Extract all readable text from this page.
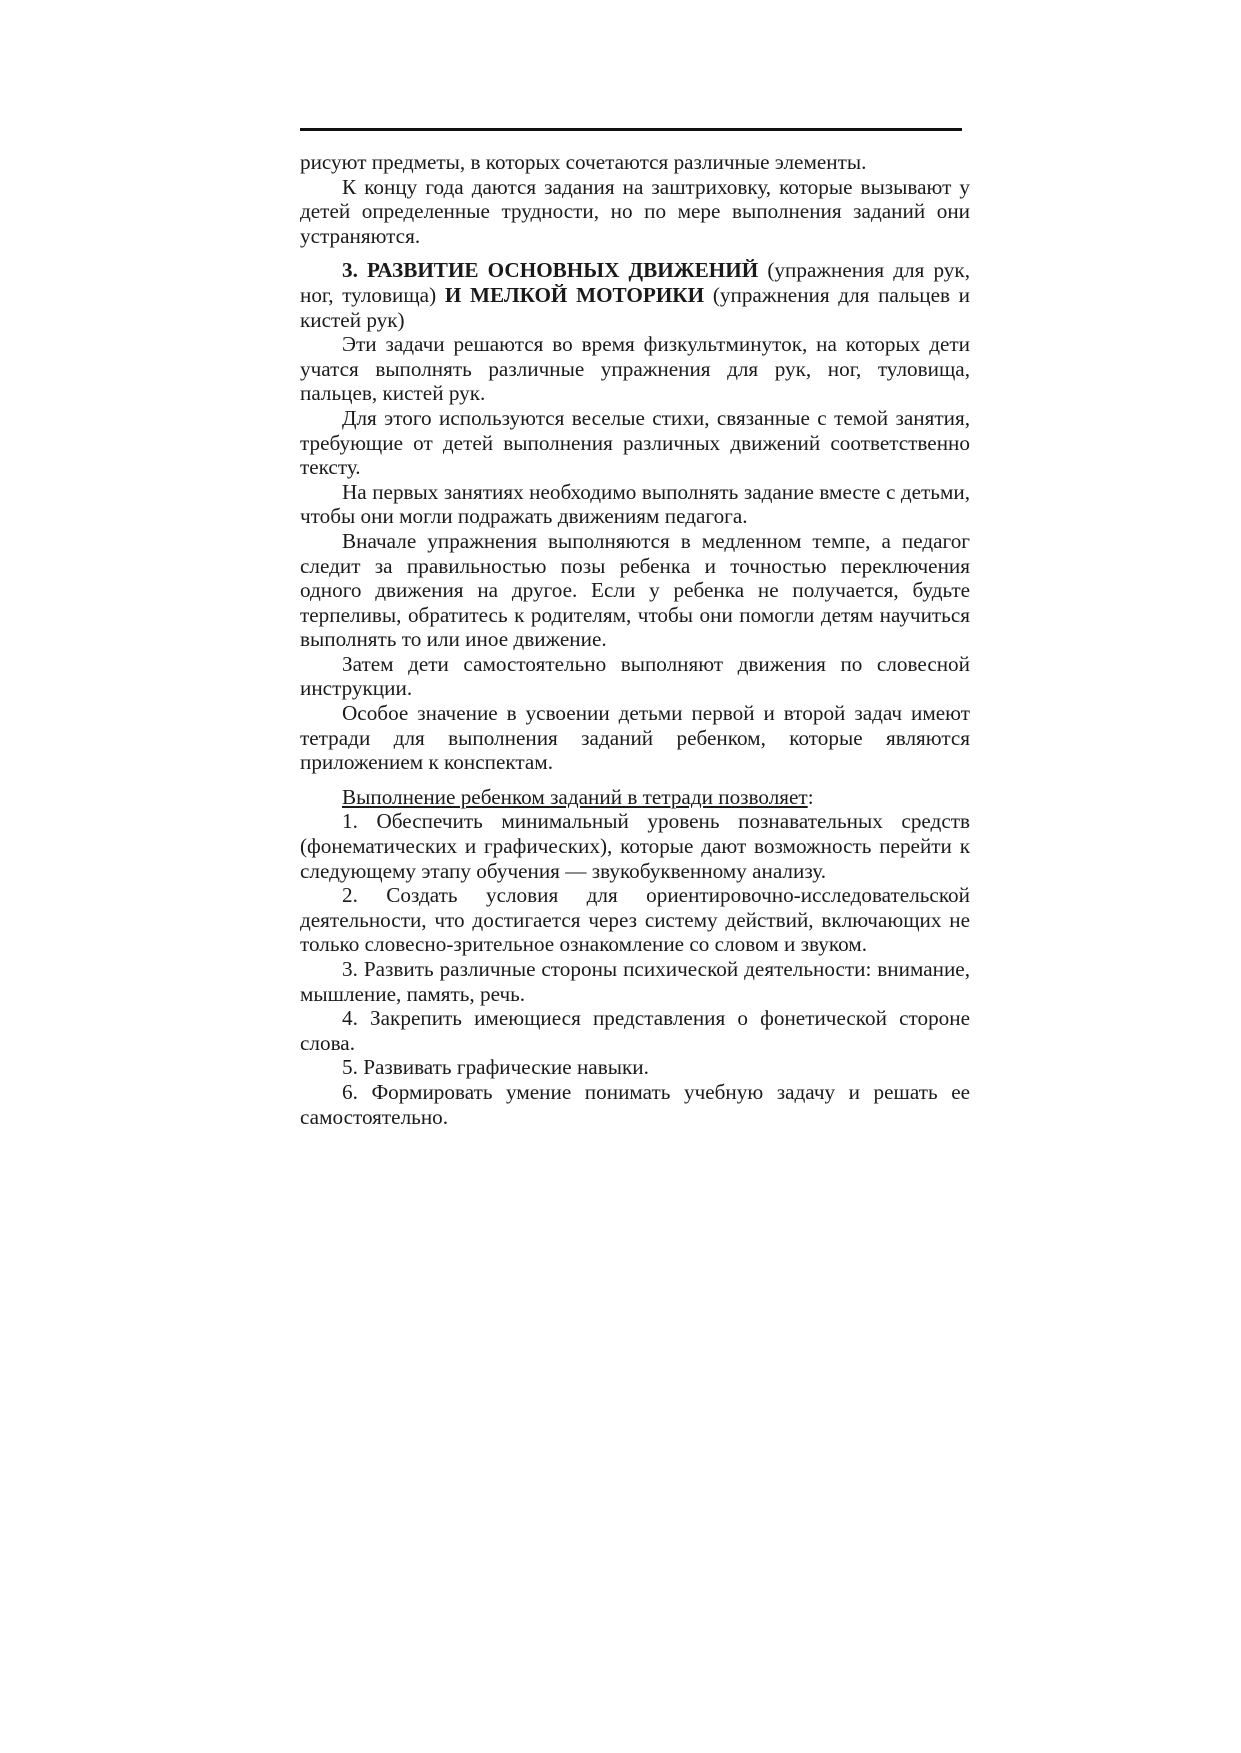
рисуют предметы, в которых сочетаются различные элементы.

К концу года даются задания на заштриховку, которые вызывают у детей определенные трудности, но по мере выполнения заданий они устраняются.

3. РАЗВИТИЕ ОСНОВНЫХ ДВИЖЕНИЙ (упражнения для рук, ног, туловища) И МЕЛКОЙ МОТОРИКИ (упражнения для пальцев и кистей рук)

Эти задачи решаются во время физкультминуток, на которых дети учатся выполнять различные упражнения для рук, ног, туловища, пальцев, кистей рук.

Для этого используются веселые стихи, связанные с темой занятия, требующие от детей выполнения различных движений соответственно тексту.

На первых занятиях необходимо выполнять задание вместе с детьми, чтобы они могли подражать движениям педагога.

Вначале упражнения выполняются в медленном темпе, а педагог следит за правильностью позы ребенка и точностью переключения одного движения на другое. Если у ребенка не получается, будьте терпеливы, обратитесь к родителям, чтобы они помогли детям научиться выполнять то или иное движение.

Затем дети самостоятельно выполняют движения по словесной инструкции.

Особое значение в усвоении детьми первой и второй задач имеют тетради для выполнения заданий ребенком, которые являются приложением к конспектам.

Выполнение ребенком заданий в тетради позволяет:

1. Обеспечить минимальный уровень познавательных средств (фонематических и графических), которые дают возможность перейти к следующему этапу обучения — звукобуквенному анализу.

2. Создать условия для ориентировочно-исследовательской деятельности, что достигается через систему действий, включающих не только словесно-зрительное ознакомление со словом и звуком.

3. Развить различные стороны психической деятельности: внимание, мышление, память, речь.

4. Закрепить имеющиеся представления о фонетической стороне слова.

5. Развивать графические навыки.

6. Формировать умение понимать учебную задачу и решать ее самостоятельно.
